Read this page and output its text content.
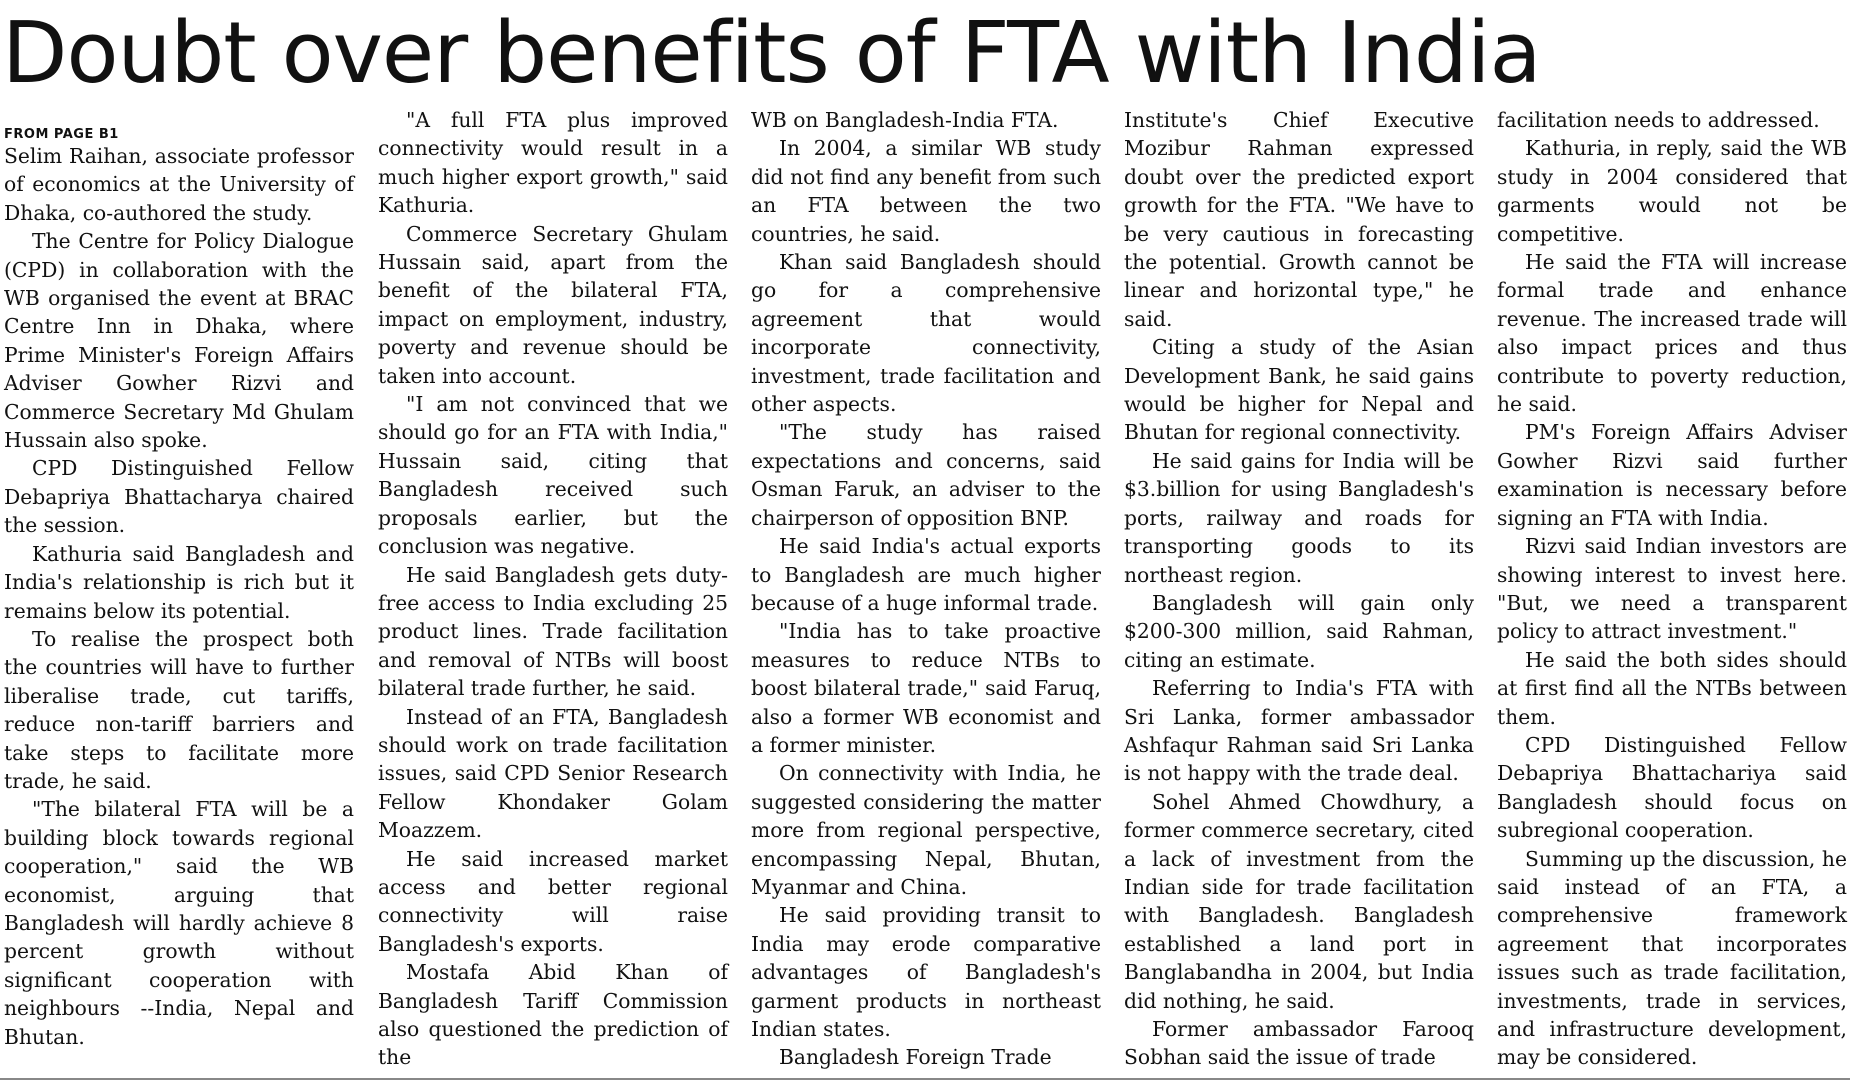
Doubt over benefits of FTA with India
FROM PAGE B1

Selim Raihan, associate professor of economics at the University of Dhaka, co-authored the study.

The Centre for Policy Dialogue (CPD) in collaboration with the WB organised the event at BRAC Centre Inn in Dhaka, where Prime Minister's Foreign Affairs Adviser Gowher Rizvi and Commerce Secretary Md Ghulam Hussain also spoke.

CPD Distinguished Fellow Debapriya Bhattacharya chaired the session.

Kathuria said Bangladesh and India's relationship is rich but it remains below its potential.

To realise the prospect both the countries will have to further liberalise trade, cut tariffs, reduce non-tariff barriers and take steps to facilitate more trade, he said.

"The bilateral FTA will be a building block towards regional cooperation," said the WB economist, arguing that Bangladesh will hardly achieve 8 percent growth without significant cooperation with neighbours --India, Nepal and Bhutan.

"A full FTA plus improved connectivity would result in a much higher export growth," said Kathuria.

Commerce Secretary Ghulam Hussain said, apart from the benefit of the bilateral FTA, impact on employment, industry, poverty and revenue should be taken into account.

"I am not convinced that we should go for an FTA with India," Hussain said, citing that Bangladesh received such proposals earlier, but the conclusion was negative.

He said Bangladesh gets duty-free access to India excluding 25 product lines. Trade facilitation and removal of NTBs will boost bilateral trade further, he said.

Instead of an FTA, Bangladesh should work on trade facilitation issues, said CPD Senior Research Fellow Khondaker Golam Moazzem.

He said increased market access and better regional connectivity will raise Bangladesh's exports.

Mostafa Abid Khan of Bangladesh Tariff Commission also questioned the prediction of the

WB on Bangladesh-India FTA.

In 2004, a similar WB study did not find any benefit from such an FTA between the two countries, he said.

Khan said Bangladesh should go for a comprehensive agreement that would incorporate connectivity, investment, trade facilitation and other aspects.

"The study has raised expectations and concerns, said Osman Faruk, an adviser to the chairperson of opposition BNP.

He said India's actual exports to Bangladesh are much higher because of a huge informal trade.

"India has to take proactive measures to reduce NTBs to boost bilateral trade," said Faruq, also a former WB economist and a former minister.

On connectivity with India, he suggested considering the matter more from regional perspective, encompassing Nepal, Bhutan, Myanmar and China.

He said providing transit to India may erode comparative advantages of Bangladesh's garment products in northeast Indian states.

Bangladesh Foreign Trade

Institute's Chief Executive Mozibur Rahman expressed doubt over the predicted export growth for the FTA. "We have to be very cautious in forecasting the potential. Growth cannot be linear and horizontal type," he said.

Citing a study of the Asian Development Bank, he said gains would be higher for Nepal and Bhutan for regional connectivity.

He said gains for India will be $3.billion for using Bangladesh's ports, railway and roads for transporting goods to its northeast region.

Bangladesh will gain only $200-300 million, said Rahman, citing an estimate.

Referring to India's FTA with Sri Lanka, former ambassador Ashfaqur Rahman said Sri Lanka is not happy with the trade deal.

Sohel Ahmed Chowdhury, a former commerce secretary, cited a lack of investment from the Indian side for trade facilitation with Bangladesh. Bangladesh established a land port in Banglabandha in 2004, but India did nothing, he said.

Former ambassador Farooq Sobhan said the issue of trade

facilitation needs to addressed.

Kathuria, in reply, said the WB study in 2004 considered that garments would not be competitive.

He said the FTA will increase formal trade and enhance revenue. The increased trade will also impact prices and thus contribute to poverty reduction, he said.

PM's Foreign Affairs Adviser Gowher Rizvi said further examination is necessary before signing an FTA with India.

Rizvi said Indian investors are showing interest to invest here. "But, we need a transparent policy to attract investment."

He said the both sides should at first find all the NTBs between them.

CPD Distinguished Fellow Debapriya Bhattachariya said Bangladesh should focus on subregional cooperation.

Summing up the discussion, he said instead of an FTA, a comprehensive framework agreement that incorporates issues such as trade facilitation, investments, trade in services, and infrastructure development, may be considered.
